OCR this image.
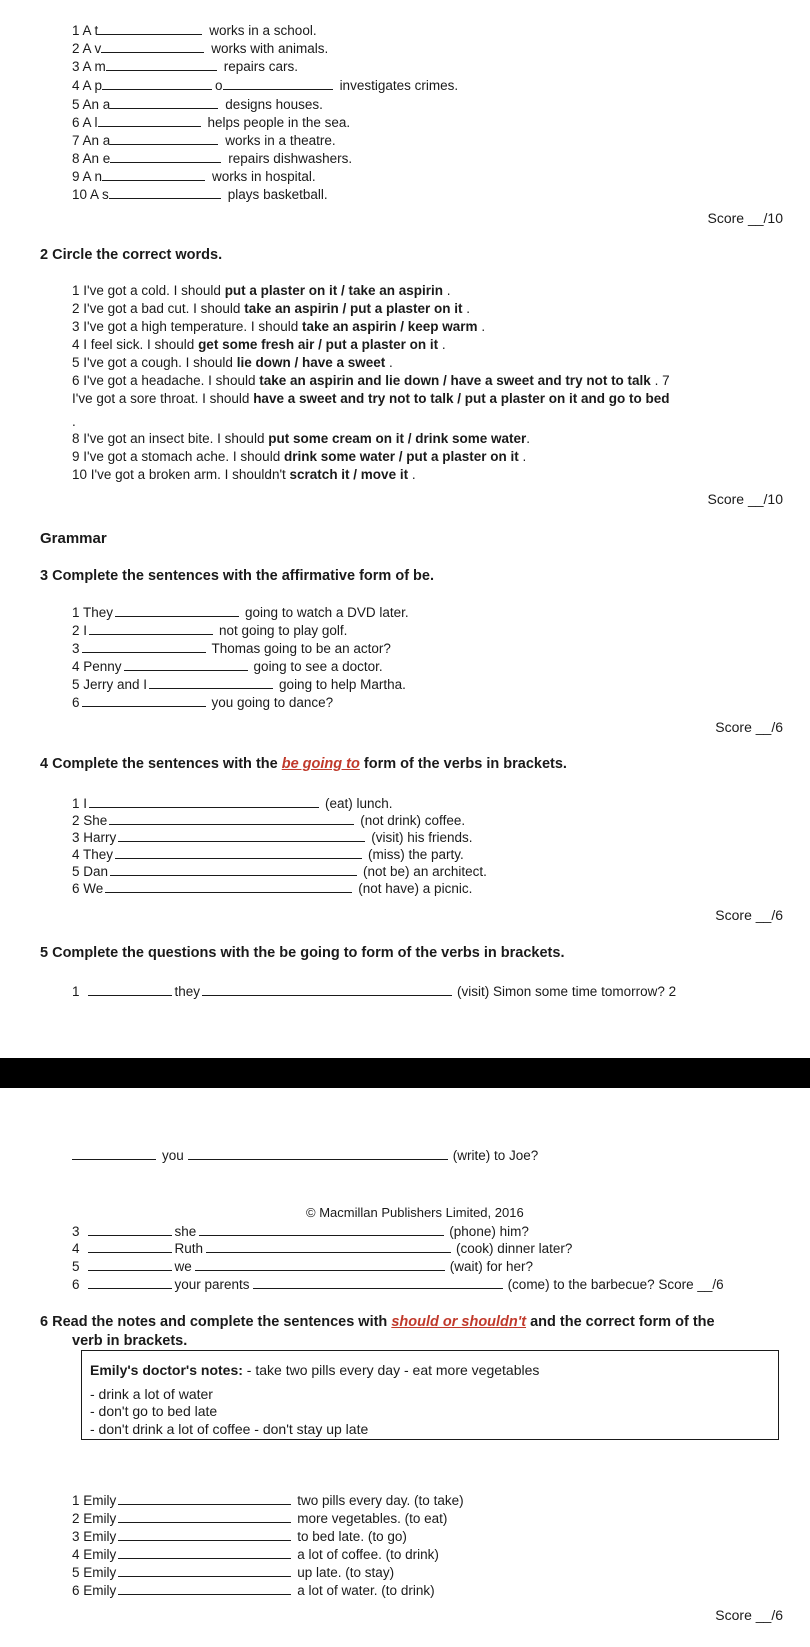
1 A t	works in a school.
2 A v	works with animals.
3 A m	repairs cars.
4 A p	o	investigates crimes.
5 An a	designs houses.
6 A l	helps people in the sea.
7 An a	works in a theatre.
8 An e	repairs dishwashers.
9 A n	works in hospital.
10 A s	plays basketball.
Score __/10
2 Circle the correct words.
1 I've got a cold. I should put a plaster on it / take an aspirin .
2 I've got a bad cut. I should take an aspirin / put a plaster on it .
3 I've got a high temperature. I should take an aspirin / keep warm .
4 I feel sick. I should get some fresh air / put a plaster on it .
5 I've got a cough. I should lie down / have a sweet .
6 I've got a headache. I should take an aspirin and lie down / have a sweet and try not to talk . 7
I've got a sore throat. I should have a sweet and try not to talk / put a plaster on it and go to bed
8 I've got an insect bite. I should put some cream on it / drink some water.
9 I've got a stomach ache. I should drink some water / put a plaster on it .
10 I've got a broken arm. I shouldn't scratch it / move it .
.
Score __/10
Grammar
3 Complete the sentences with the affirmative form of be.
1 They	going to watch a DVD later.
2 I	not going to play golf.
3	Thomas going to be an actor?
4 Penny	going to see a doctor.
5 Jerry and I	going to help Martha.
6	you going to dance?
Score __/6
4 Complete the sentences with the be going to form of the verbs in brackets.
1 I	(eat) lunch.
2 She	(not drink) coffee.
3 Harry	(visit) his friends.
4 They	(miss) the party.
5 Dan	(not be) an architect.
6 We	(not have) a picnic.
Score __/6
5 Complete the questions with the be going to form of the verbs in brackets.
1	they	(visit) Simon some time tomorrow? 2
you	(write) to Joe?
© Macmillan Publishers Limited, 2016
3	she	(phone) him?
4	Ruth	(cook) dinner later?
5	we	(wait) for her?
6	your parents	(come) to the barbecue? Score __/6
6 Read the notes and complete the sentences with should or shouldn't and the correct form of the
verb in brackets.
Emily's doctor's notes: - take two pills every day - eat more vegetables
- drink a lot of water
- don't go to bed late
- don't drink a lot of coffee - don't stay up late
1 Emily	two pills every day. (to take)
2 Emily	more vegetables. (to eat)
3 Emily	to bed late. (to go)
4 Emily	a lot of coffee. (to drink)
5 Emily	up late. (to stay)
6 Emily	a lot of water. (to drink)
Score __/6
